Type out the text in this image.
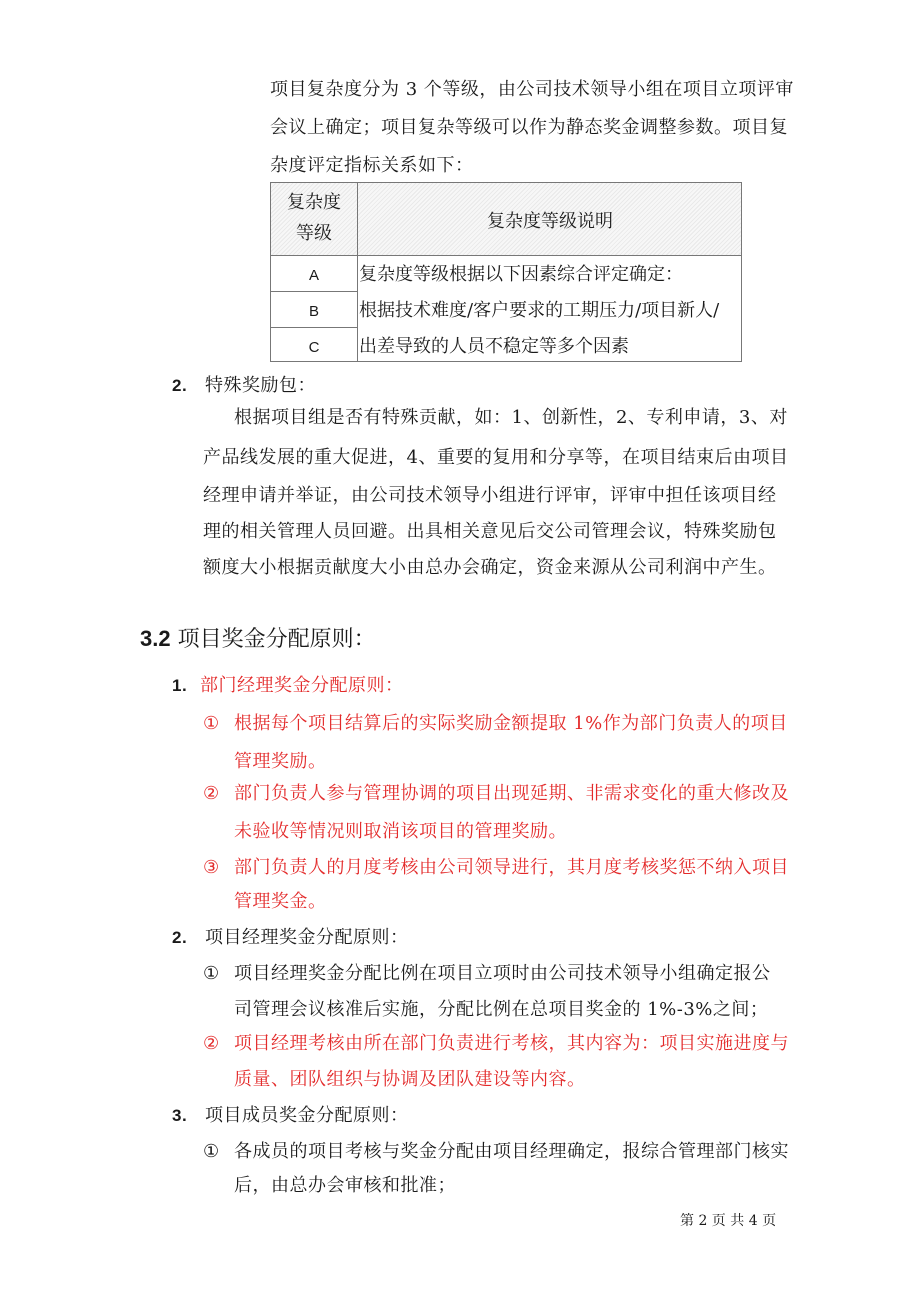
项目复杂度分为 3 个等级，由公司技术领导小组在项目立项评审
会议上确定；项目复杂等级可以作为静态奖金调整参数。项目复
杂度评定指标关系如下：
复杂度
等级
复杂度等级说明
A
B
C
复杂度等级根据以下因素综合评定确定：
根据技术难度/客户要求的工期压力/项目新人/
出差导致的人员不稳定等多个因素
2. 特殊奖励包：
根据项目组是否有特殊贡献，如：1、创新性，2、专利申请，3、对
产品线发展的重大促进，4、重要的复用和分享等，在项目结束后由项目
经理申请并举证，由公司技术领导小组进行评审，评审中担任该项目经
理的相关管理人员回避。出具相关意见后交公司管理会议，特殊奖励包
额度大小根据贡献度大小由总办会确定，资金来源从公司利润中产生。
3.2 项目奖金分配原则：
1. 部门经理奖金分配原则：
① 根据每个项目结算后的实际奖励金额提取 1%作为部门负责人的项目
管理奖励。
② 部门负责人参与管理协调的项目出现延期、非需求变化的重大修改及
未验收等情况则取消该项目的管理奖励。
③ 部门负责人的月度考核由公司领导进行，其月度考核奖惩不纳入项目
管理奖金。
2. 项目经理奖金分配原则：
① 项目经理奖金分配比例在项目立项时由公司技术领导小组确定报公
司管理会议核准后实施，分配比例在总项目奖金的 1%-3%之间；
② 项目经理考核由所在部门负责进行考核，其内容为：项目实施进度与
质量、团队组织与协调及团队建设等内容。
3. 项目成员奖金分配原则：
① 各成员的项目考核与奖金分配由项目经理确定，报综合管理部门核实
后，由总办会审核和批准；
第 2 页 共 4 页
